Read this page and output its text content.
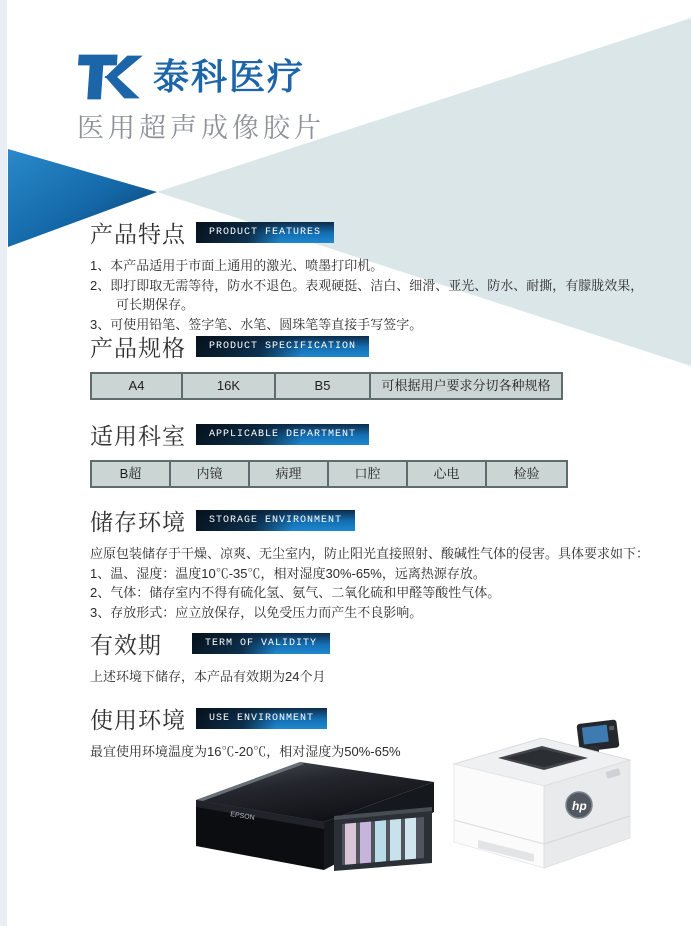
泰科医疗
医用超声成像胶片
产品特点	PRODUCT FEATURES
1、本产品适用于市面上通用的激光、喷墨打印机。
2、即打即取无需等待，防水不退色。表观硬挺、洁白、细滑、亚光、防水、耐撕，有朦胧效果，
可长期保存。
3、可使用铅笔、签字笔、水笔、圆珠笔等直接手写签字。
产品规格	PRODUCT SPECIFICATION
A4	16K	B5	可根据用户要求分切各种规格
适用科室	APPLICABLE DEPARTMENT
B超	内镜	病理	口腔	心电	检验
储存环境	STORAGE ENVIRONMENT
应原包装储存于干燥、凉爽、无尘室内，防止阳光直接照射、酸碱性气体的侵害。具体要求如下：
1、温、湿度：温度10℃-35℃，相对湿度30%-65%，远离热源存放。
2、气体：储存室内不得有硫化氢、氨气、二氧化硫和甲醛等酸性气体。
3、存放形式：应立放保存，以免受压力而产生不良影响。
有效期	TERM OF VALIDITY
上述环境下储存，本产品有效期为24个月
使用环境	USE ENVIRONMENT
最宜使用环境温度为16℃-20℃，相对湿度为50%-65%
EPSON
hp
